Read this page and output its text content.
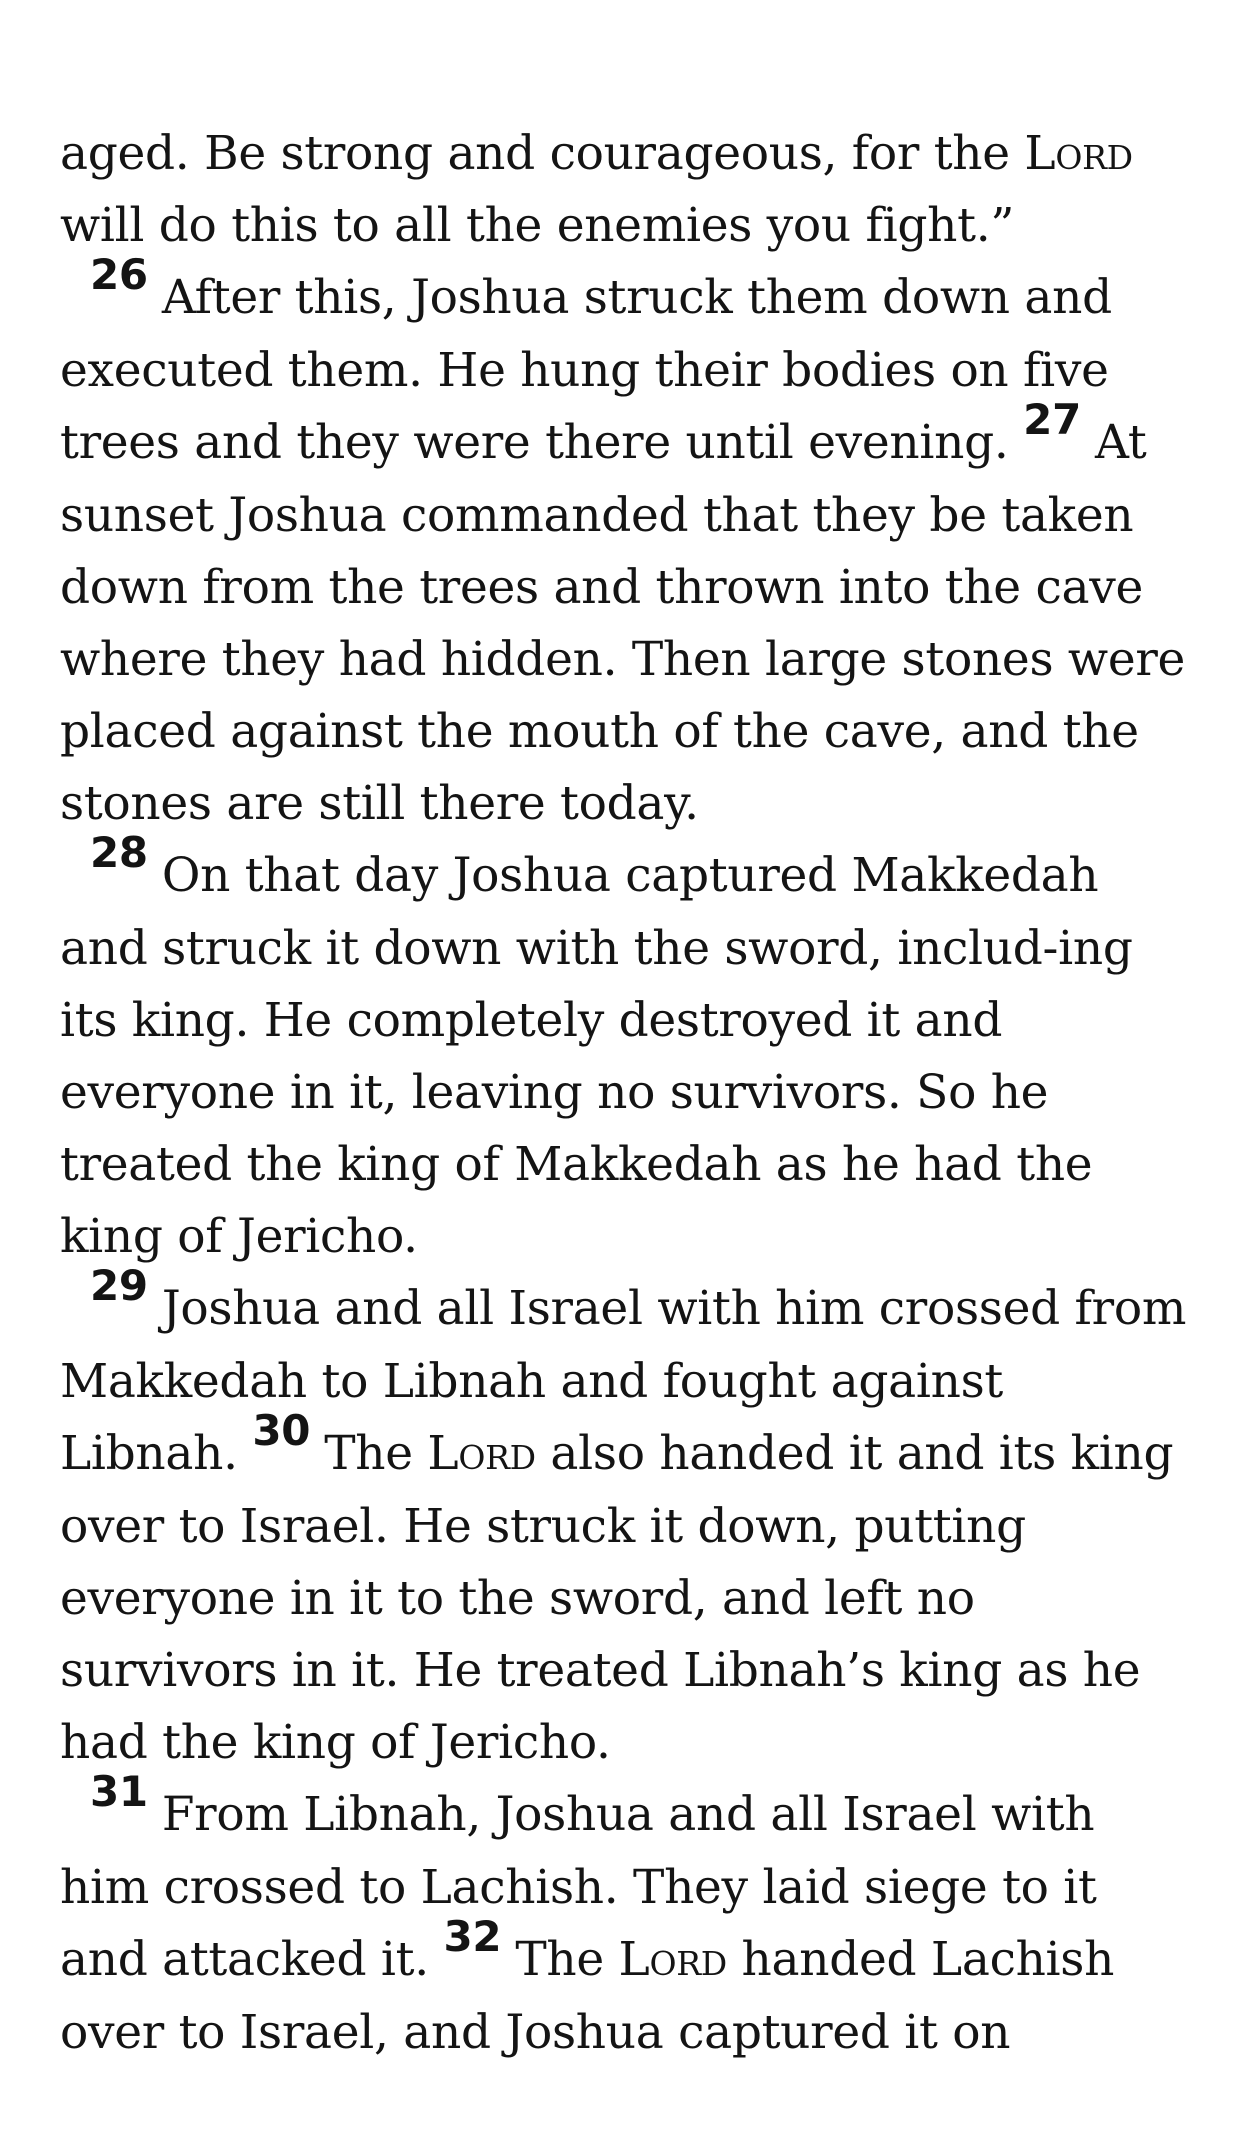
aged. Be strong and courageous, for the Lord will do this to all the enemies you fight.”

26 After this, Joshua struck them down and executed them. He hung their bodies on five trees and they were there until evening. 27 At sunset Joshua commanded that they be taken down from the trees and thrown into the cave where they had hidden. Then large stones were placed against the mouth of the cave, and the stones are still there today.

28 On that day Joshua captured Makkedah and struck it down with the sword, includ-ing its king. He completely destroyed it and everyone in it, leaving no survivors. So he treated the king of Makkedah as he had the king of Jericho.

29 Joshua and all Israel with him crossed from Makkedah to Libnah and fought against Libnah. 30 The Lord also handed it and its king over to Israel. He struck it down, putting everyone in it to the sword, and left no survivors in it. He treated Libnah’s king as he had the king of Jericho.

31 From Libnah, Joshua and all Israel with him crossed to Lachish. They laid siege to it and attacked it. 32 The Lord handed Lachish over to Israel, and Joshua captured it on
